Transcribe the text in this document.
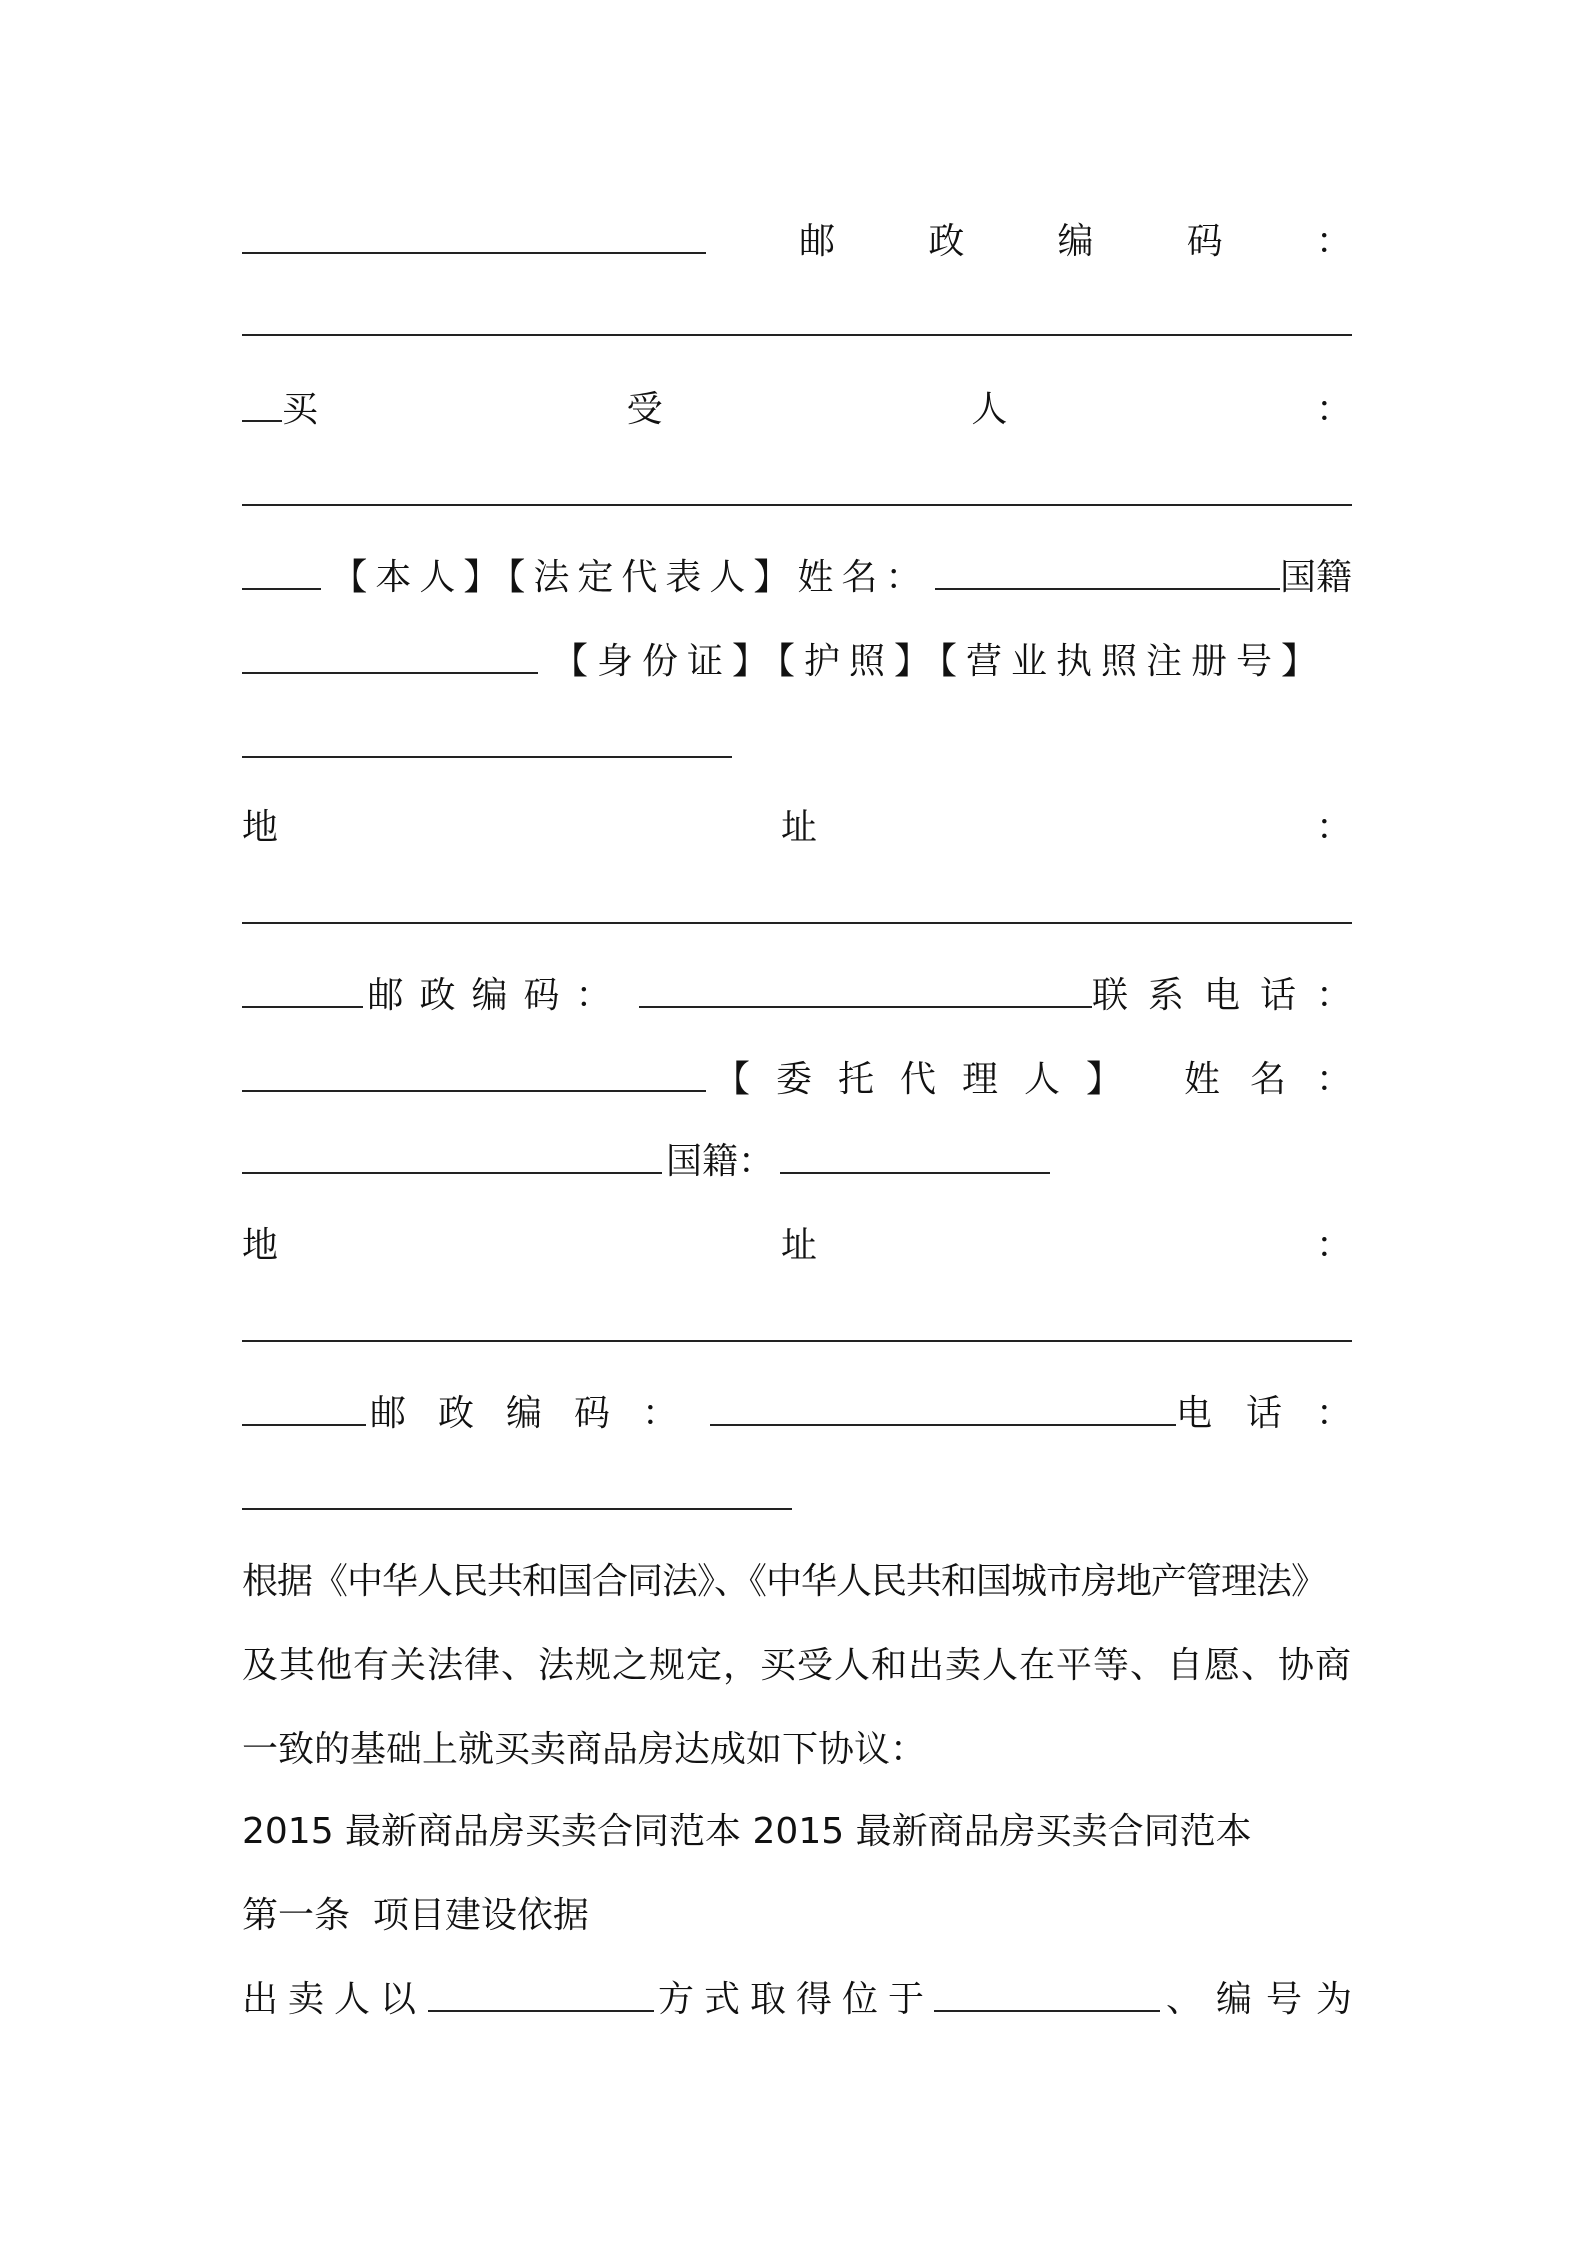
邮	政	编	码	：
买	受	人	：
【本人】【法定代表人】姓名：	国籍
【身份证】【护照】【营业执照注册号】
地	址	：
邮政编码：	联系电话：
【委托代理人】 姓名：
国籍：
地	址	：
邮政编码：	电话：
根据《中华人民共和国合同法》、《中华人民共和国城市房地产管理法》
及其他有关法律、法规之规定，买受人和出卖人在平等、自愿、协商
一致的基础上就买卖商品房达成如下协议：
2015 最新商品房买卖合同范本 2015 最新商品房买卖合同范本
第一条  项目建设依据
出卖人以	方式取得位于	、编号为
